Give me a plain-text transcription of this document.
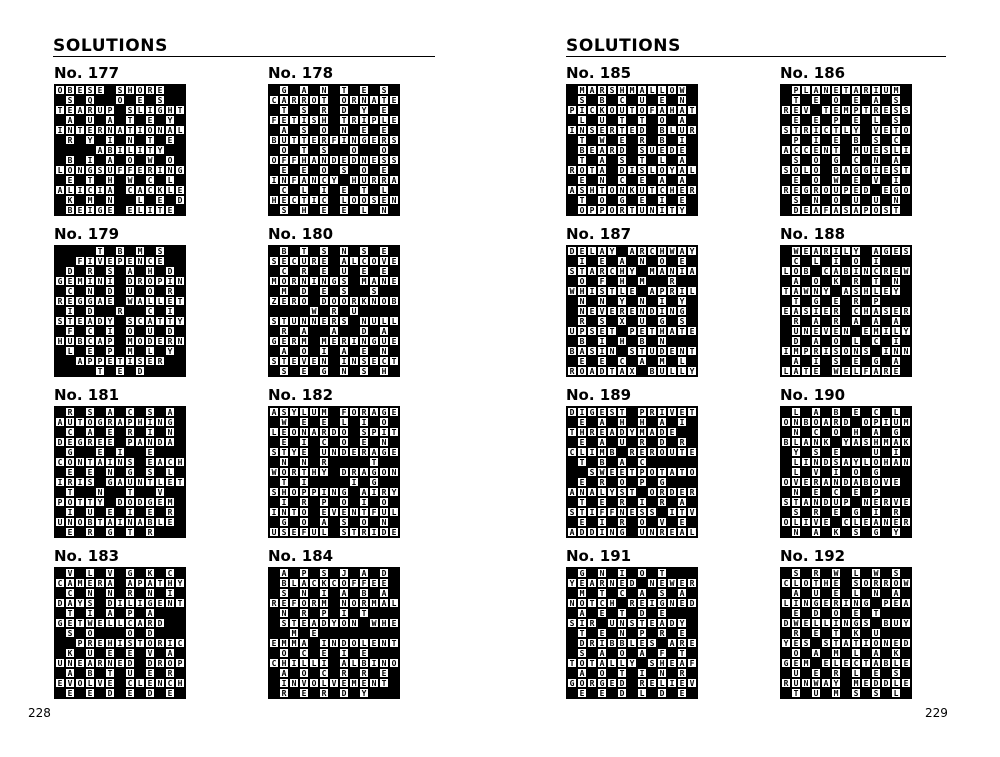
SOLUTIONS
228
No. 177
O B E S E	S H O R E
S	Q	O	E	S
T E A R U P	S L I G H T
A	U	A	T	E	Y
I N T E R N A T I O N A L
R	Y	I	N	T	E
A B I L I T Y
B	I	A	O	W	O
L O N G S U F F E R I N G
E	T	H	W	C	L
A L I C I A	C A C K L E
K	M	N	L	E	D
B E I G E	E L I T E
No. 178
G	A	N	T	E	S
C A R R O T	O R N A T E
T	S	R	D	Y	E
F E T I S H	T R I P L E
A	S	O	N	E	E
B U T T E R F I N G E R S
O	T	S	O	O
O F F H A N D E D N E S S
E	E	O	S	O	E
I N F A N C Y	H U R R A
C	L	I	E	T	L
H E C T I C	L O O S E N
S	H	E	E	L	N
No. 179
T	B	M	S
F I V E P E N C E
D	R	S	A	H	D
G E M I N I	D R O P I N
C	N	D	U	O	R
R E G G A E	W A L L E T
I	D	R	C	I
S T E A D Y	S C A T T Y
F	C	I	O	U	D
H U B C A P	M O D E R N
L	E	P	M	L	Y
A P P E T I S E R
T	E	D
No. 180
B	T	S	N	S	E
S E C U R E	A L C O V E
C	R	E	U	E	E
M O R N I N G S	M A N E
M	D	E	S	S
Z E R O	D O O R K N O B
W	R	U
S T U N N E R S	N U L L
R	A	A	D	A
G E R M	M E R I N G U E
A	O	I	A	E	N
S T E V E N	I N S E C T
S	E	G	N	S	H
No. 181
R	S	A	C	S	A
A U T O G R A P H I N G
C	A	E	R	I	N
D E G R E E	P A N D A
G	E	I	E
C O N T A I N S	E A C H
E	E	N	G	S	L
I R I S	G A U N T L E T
T	N	T	V
P O T T Y	D O D G E M
I	U	E	I	E	R
U N O B T A I N A B L E
E	R	G	T	R
No. 182
A S Y L U M	F O R A G E
W	E	E	L	I	O
L E O N A R D O	S P I T
E	I	C	O	E	N
S T Y E	U N D E R A G E
N	N	R	T
W O R T H Y	D R A G O N
T	I	I	G
S H O P P I N G	A I R Y
I	R	P	O	I	O
I N T O	E V E N T F U L
G	O	A	S	O	N
U S E F U L	S T R I D E
No. 183
V	L	V	G	K	C
C A M E R A	A P A T H Y
C	N	N	R	N	I
D A Y S	D I L I G E N T
T	I	A	P	A
G E T W E L L C A R D
S	O	O	D
P R E H I S T O R I C
K	U	E	E	V	A
U N E A R N E D	D R O P
A	B	T	U	E	R
E V O L V E	C L E N C H
E	E	D	E	D	E
No. 184
A	P	S	J	A	D
B L A C K C O F F E E
S	N	I	A	B	A
R E F O R M	N O R M A L
N	R	P	I	T
S T E A D Y O N	W H E
M	E
E M M A	I N D O L E N T
O	C	E	I	E
C H I L L I	A L B I N O
A	O	C	R	R	E
I N V O L V E M E N T
R	E	R	D	Y
SOLUTIONS
229
No. 185
M A R S H M A L L O W
S	B	C	U	E	N
P I C K O U T O F A H A T
L	U	T	T	O	A
I N S E R T E D	B L U R
T	W	E	R	B	I
B E A R D	S U E D E
T	A	S	T	L	A
R O T A	D I S L O Y A L
E	N	C	E	A	A
A S H T O N K U T C H E R
T	O	G	E	I	E
O P P O R T U N I T Y
No. 186
P L A N E T A R I U M
T	E	O	E	A	S
R E V	T E M P T R E S S
E	E	P	E	L	S
S T R I C T L Y	V E T O
P	I	E	B	S	C
A C C E N T	M U E S L I
S	O	G	C	N	A
S O L O	B A G G I E S T
E	O	W	E	V	I
R E G R O U P E D	E G O
S	N	O	U	U	N
D E A F A S A P O S T
No. 187
D E L A Y	A R C H W A Y
I	E	A	N	O	E
S T A R C H Y	M A N I A
O	F	H	M	R
W H I S T L E	A P R I L
N	N	Y	N	I	Y
N E V E R E N D I N G
R	S	X	U	G	S
U P S E T	P E T H A T E
B	I	H	B	N
B A S I N	S T U D E N T
E	E	C	A	M	L
R O A D T A X	B U L L Y
No. 188
W E A R I L Y	A G E S
C	L	I	O	I
L O B	C A B I N C R E W
A	O	K	R	T	N
T A W N Y	A S H L E Y
T	G	E	R	P
E A S I E R	C H A S E R
R	A	R	A	A	A
U N E V E N	E M I L Y
D	A	O	L	C	I
I M P R I S O N S	I N N
A	I	S	E	G	A
L A T E	W E L F A R E
No. 189
D I G E S T	P R I V E T
E	A	H	H	A	I
T H R E A D Y M A D E
E	A	U	R	D	R
C L I M B	R E R O U T E
T	B	A	C
S W E E T P O T A T O
E	R	O	P	G
A N A L Y S T	O R D E R
T	E	R	I	R	A
S T I F F N E S S	I T V
E	I	R	O	V	E
A D D I N G	U N R E A L
No. 190
L	A	B	E	C	L
O N B O A R D	O P I U M
N	C	O	H	A	G
B L A N K	Y A S H M A K
Y	S	E	U	I
L I N D S A Y L O H A N
L	V	I	O	G
O V E R A N D A B O V E
N	E	C	E	P
S T A N D U P	N E R V E
S	R	E	G	I	R
O L I V E	C L E A N E R
N	A	K	S	G	Y
No. 191
G	N	I	O	T
Y E A R N E D	N E W E R
M	T	C	A	S	A
N O T C H	R E I G N E D
A	E	T	D	E
S I R	U N S T E A D Y
T	E	N	P	R	E
D R I B B L E S	A R E
S	A	O	A	F	T
T O T A L L Y	S H E A F
A	O	T	I	N	R
G O R G E D	R E L I E V
E	E	D	L	D	E
No. 192
S	R	W	L	W	S
C L O T H E	S O R R O W
A	U	E	L	N	A
L I N G E R I N G	P E A
E	D	O	E	T
D W E L L I N G S	B U Y
R	E	T	K	U
Y E S	S T A T I O N E D
O	A	M	L	A	K
G E M	E L E C T A B L E
U	E	R	L	E	S
R U N W A Y	M E D D L E
T	U	M	S	S	L
